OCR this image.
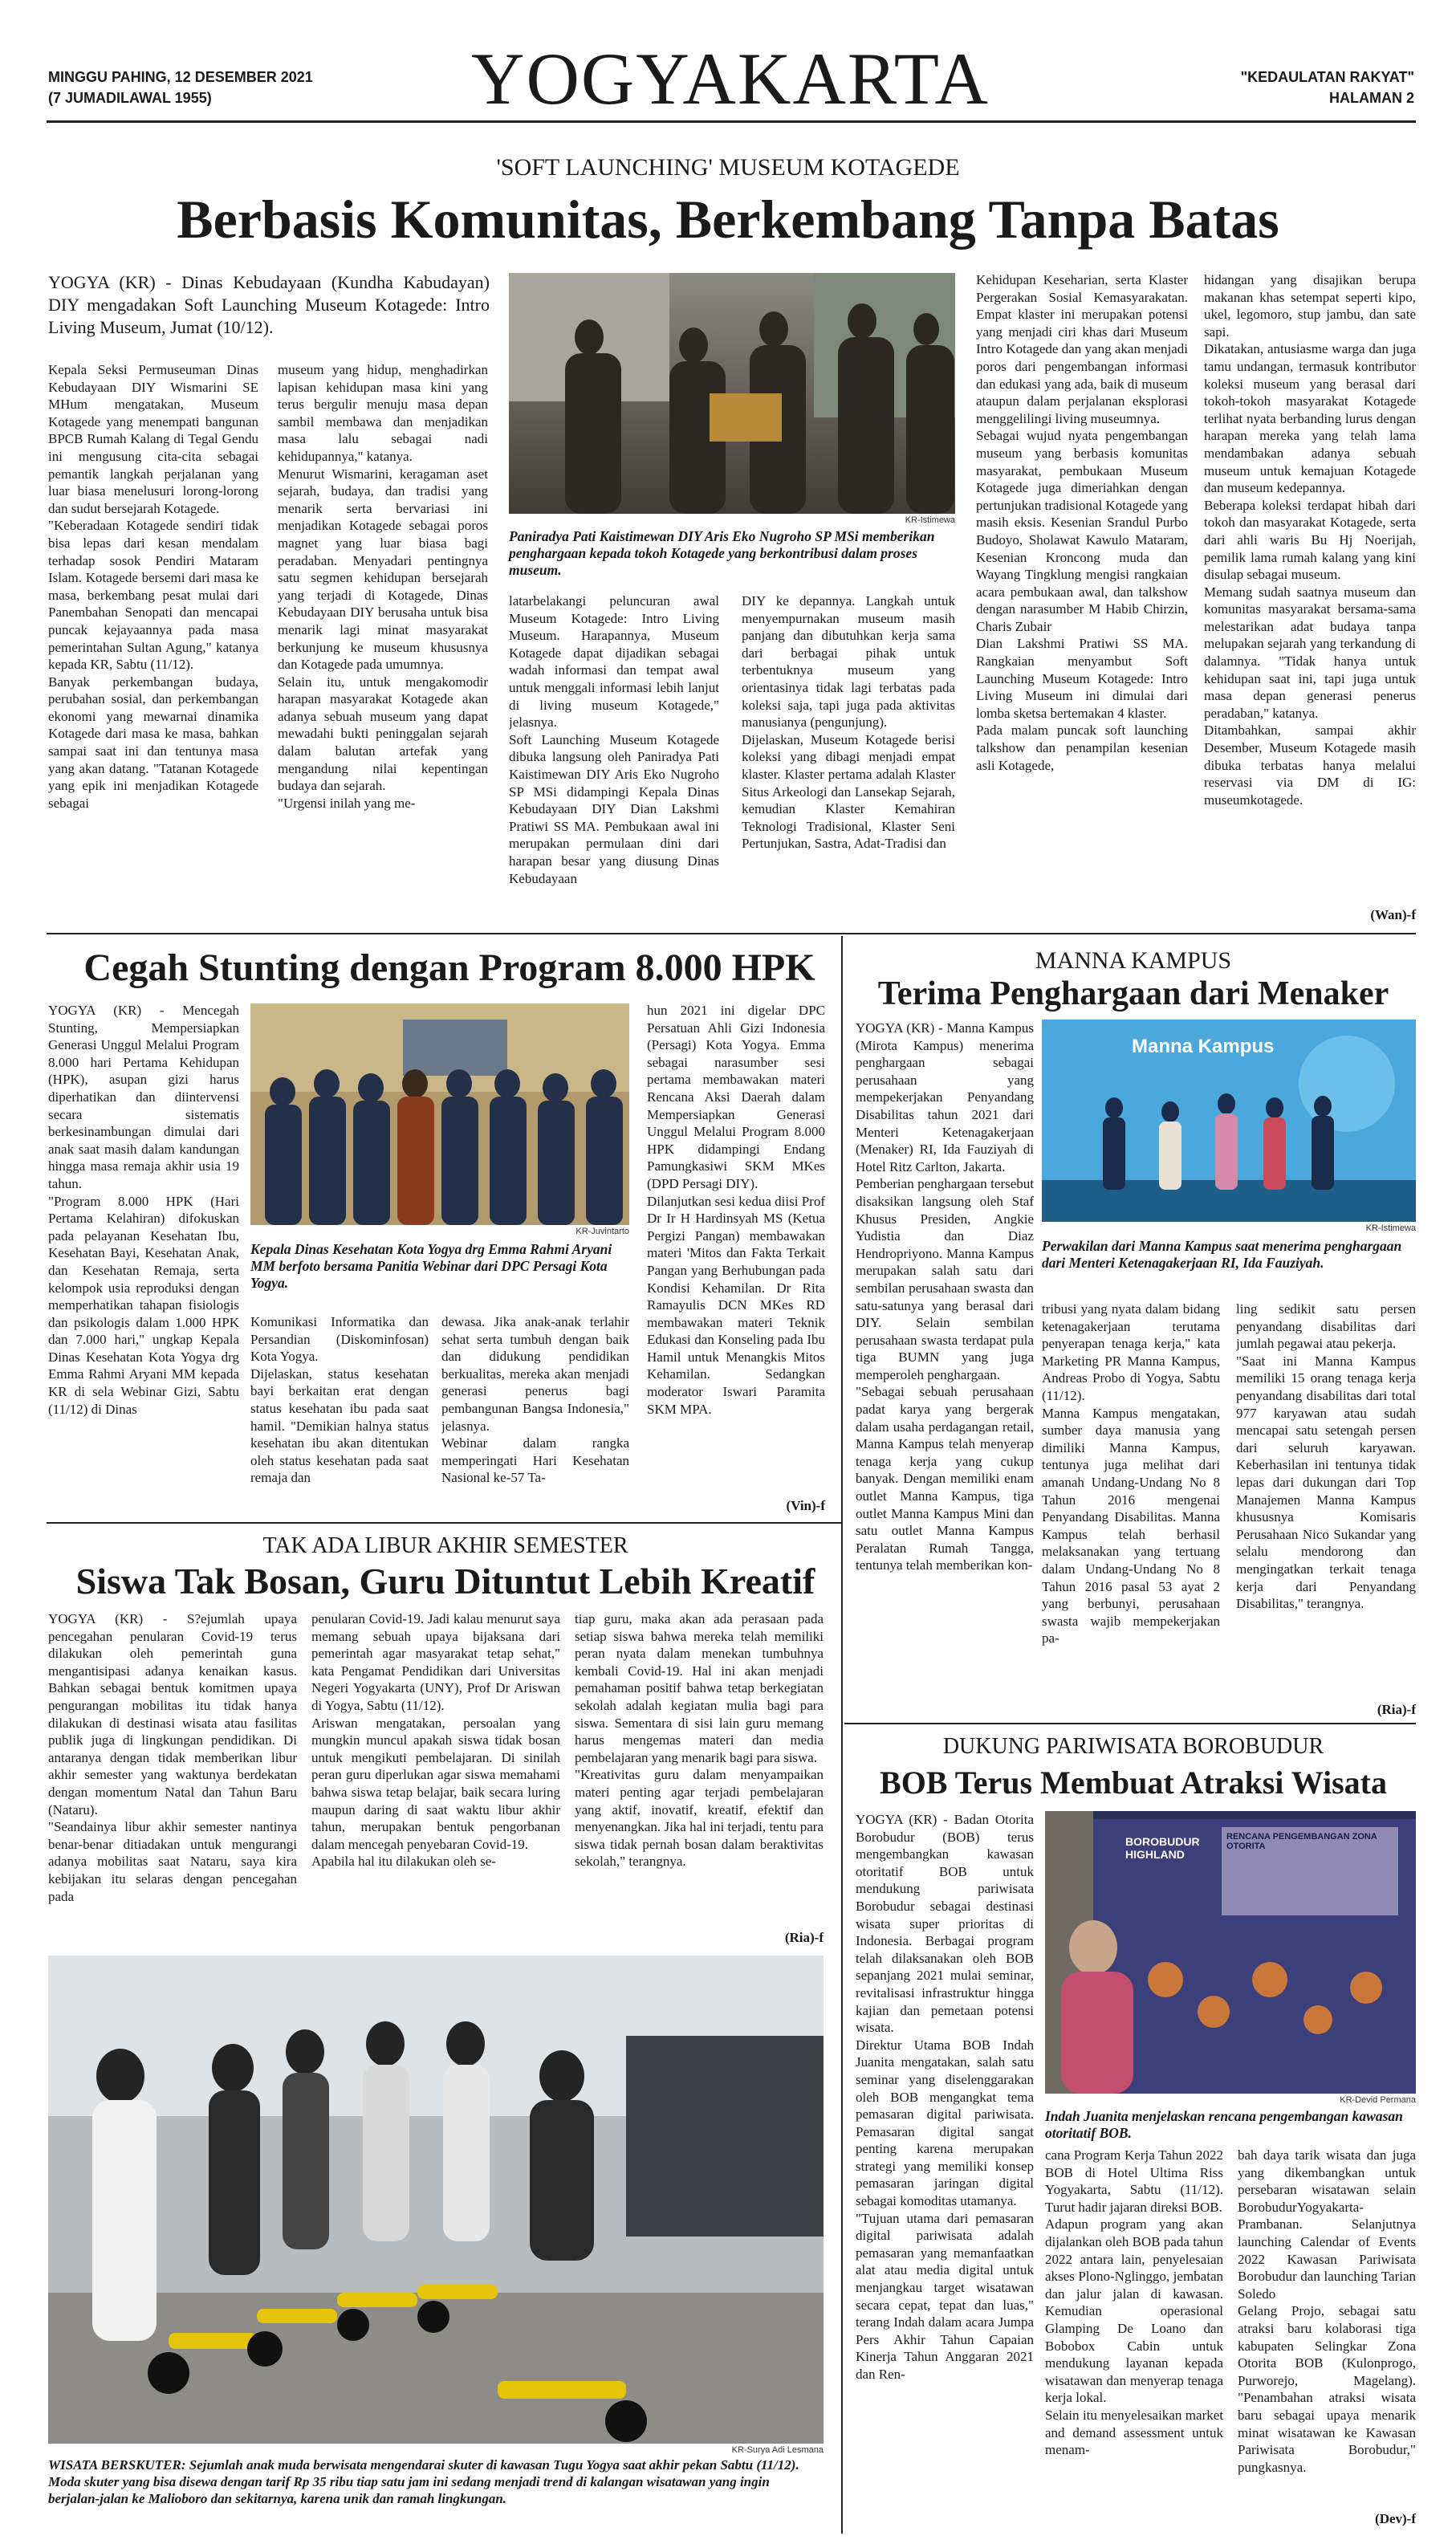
MINGGU PAHING, 12 DESEMBER 2021
(7 JUMADILAWAL 1955)	YOGYAKARTA	"KEDAULATAN RAKYAT"
HALAMAN 2
'SOFT LAUNCHING' MUSEUM KOTAGEDE
Berbasis Komunitas, Berkembang Tanpa Batas
YOGYA (KR) - Dinas Kebudayaan (Kundha Kabudayan) DIY mengadakan Soft Launching Museum Kotagede: Intro Living Museum, Jumat (10/12).
Kepala Seksi Permuseuman Dinas Kebudayaan DIY Wismarini SE MHum mengatakan, Museum Kotagede yang menempati bangunan BPCB Rumah Kalang di Tegal Gendu ini mengusung cita-cita sebagai pemantik langkah perjalanan yang luar biasa menelusuri lorong-lorong dan sudut bersejarah Kotagede.
"Keberadaan Kotagede sendiri tidak bisa lepas dari kesan mendalam terhadap sosok Pendiri Mataram Islam. Kotagede bersemi dari masa ke masa, berkembang pesat mulai dari Panembahan Senopati dan mencapai puncak kejayaannya pada masa pemerintahan Sultan Agung," katanya kepada KR, Sabtu (11/12).
Banyak perkembangan budaya, perubahan sosial, dan perkembangan ekonomi yang mewarnai dinamika Kotagede dari masa ke masa, bahkan sampai saat ini dan tentunya masa yang akan datang. "Tatanan Kotagede yang epik ini menjadikan Kotagede sebagai
museum yang hidup, menghadirkan lapisan kehidupan masa kini yang terus bergulir menuju masa depan sambil membawa dan menjadikan masa lalu sebagai nadi kehidupannya," katanya.
Menurut Wismarini, keragaman aset sejarah, budaya, dan tradisi yang menarik serta bervariasi ini menjadikan Kotagede sebagai poros magnet yang luar biasa bagi peradaban. Menyadari pentingnya satu segmen kehidupan bersejarah yang terjadi di Kotagede, Dinas Kebudayaan DIY berusaha untuk bisa menarik lagi minat masyarakat berkunjung ke museum khususnya dan Kotagede pada umumnya.
Selain itu, untuk mengakomodir harapan masyarakat Kotagede akan adanya sebuah museum yang dapat mewadahi bukti peninggalan sejarah dalam balutan artefak yang mengandung nilai kepentingan budaya dan sejarah.
"Urgensi inilah yang me-
KR-Istimewa
Paniradya Pati Kaistimewan DIY Aris Eko Nugroho SP MSi memberikan penghargaan kepada tokoh Kotagede yang berkontribusi dalam proses museum.
latarbelakangi peluncuran awal Museum Kotagede: Intro Living Museum. Harapannya, Museum Kotagede dapat dijadikan sebagai wadah informasi dan tempat awal untuk menggali informasi lebih lanjut di living museum Kotagede," jelasnya.
Soft Launching Museum Kotagede dibuka langsung oleh Paniradya Pati Kaistimewan DIY Aris Eko Nugroho SP MSi didampingi Kepala Dinas Kebudayaan DIY Dian Lakshmi Pratiwi SS MA. Pembukaan awal ini merupakan permulaan dini dari harapan besar yang diusung Dinas Kebudayaan
DIY ke depannya. Langkah untuk menyempurnakan museum masih panjang dan dibutuhkan kerja sama dari berbagai pihak untuk terbentuknya museum yang orientasinya tidak lagi terbatas pada koleksi saja, tapi juga pada aktivitas manusianya (pengunjung).
Dijelaskan, Museum Kotagede berisi koleksi yang dibagi menjadi empat klaster. Klaster pertama adalah Klaster Situs Arkeologi dan Lansekap Sejarah, kemudian Klaster Kemahiran Teknologi Tradisional, Klaster Seni Pertunjukan, Sastra, Adat-Tradisi dan
Kehidupan Keseharian, serta Klaster Pergerakan Sosial Kemasyarakatan. Empat klaster ini merupakan potensi yang menjadi ciri khas dari Museum Intro Kotagede dan yang akan menjadi poros dari pengembangan informasi dan edukasi yang ada, baik di museum ataupun dalam perjalanan eksplorasi menggelilingi living museumnya.
Sebagai wujud nyata pengembangan museum yang berbasis komunitas masyarakat, pembukaan Museum Kotagede juga dimeriahkan dengan pertunjukan tradisional Kotagede yang masih eksis. Kesenian Srandul Purbo Budoyo, Sholawat Kawulo Mataram, Kesenian Kroncong muda dan Wayang Tingklung mengisi rangkaian acara pembukaan awal, dan talkshow dengan narasumber M Habib Chirzin, Charis Zubair
Dian Lakshmi Pratiwi SS MA. Rangkaian menyambut Soft Launching Museum Kotagede: Intro Living Museum ini dimulai dari lomba sketsa bertemakan 4 klaster.
Pada malam puncak soft launching talkshow dan penampilan kesenian asli Kotagede,
hidangan yang disajikan berupa makanan khas setempat seperti kipo, ukel, legomoro, stup jambu, dan sate sapi.
Dikatakan, antusiasme warga dan juga tamu undangan, termasuk kontributor koleksi museum yang berasal dari tokoh-tokoh masyarakat Kotagede terlihat nyata berbanding lurus dengan harapan mereka yang telah lama mendambakan adanya sebuah museum untuk kemajuan Kotagede dan museum kedepannya.
Beberapa koleksi terdapat hibah dari tokoh dan masyarakat Kotagede, serta dari ahli waris Bu Hj Noerijah, pemilik lama rumah kalang yang kini disulap sebagai museum.
Memang sudah saatnya museum dan komunitas masyarakat bersama-sama melestarikan adat budaya tanpa melupakan sejarah yang terkandung di dalamnya. "Tidak hanya untuk kehidupan saat ini, tapi juga untuk masa depan generasi penerus peradaban," katanya.
Ditambahkan, sampai akhir Desember, Museum Kotagede masih dibuka terbatas hanya melalui reservasi via DM di IG: museumkotagede.
(Wan)-f
Cegah Stunting dengan Program 8.000 HPK
YOGYA (KR) - Mencegah Stunting, Mempersiapkan Generasi Unggul Melalui Program 8.000 hari Pertama Kehidupan (HPK), asupan gizi harus diperhatikan dan diintervensi secara sistematis berkesinambungan dimulai dari anak saat masih dalam kandungan hingga masa remaja akhir usia 19 tahun.
"Program 8.000 HPK (Hari Pertama Kelahiran) difokuskan pada pelayanan Kesehatan Ibu, Kesehatan Bayi, Kesehatan Anak, dan Kesehatan Remaja, serta kelompok usia reproduksi dengan memperhatikan tahapan fisiologis dan psikologis dalam 1.000 HPK dan 7.000 hari," ungkap Kepala Dinas Kesehatan Kota Yogya drg Emma Rahmi Aryani MM kepada KR di sela Webinar Gizi, Sabtu (11/12) di Dinas
KR-Juvintarto
Kepala Dinas Kesehatan Kota Yogya drg Emma Rahmi Aryani MM berfoto bersama Panitia Webinar dari DPC Persagi Kota Yogya.
Komunikasi Informatika dan Persandian (Diskominfosan) Kota Yogya.
Dijelaskan, status kesehatan bayi berkaitan erat dengan status kesehatan ibu pada saat hamil. "Demikian halnya status kesehatan ibu akan ditentukan oleh status kesehatan pada saat remaja dan
dewasa. Jika anak-anak terlahir sehat serta tumbuh dengan baik dan didukung pendidikan berkualitas, mereka akan menjadi generasi penerus bagi pembangunan Bangsa Indonesia," jelasnya.
Webinar dalam rangka memperingati Hari Kesehatan Nasional ke-57 Ta-
hun 2021 ini digelar DPC Persatuan Ahli Gizi Indonesia (Persagi) Kota Yogya. Emma sebagai narasumber sesi pertama membawakan materi Rencana Aksi Daerah dalam Mempersiapkan Generasi Unggul Melalui Program 8.000 HPK didampingi Endang Pamungkasiwi SKM MKes (DPD Persagi DIY).
Dilanjutkan sesi kedua diisi Prof Dr Ir H Hardinsyah MS (Ketua Pergizi Pangan) membawakan materi 'Mitos dan Fakta Terkait Pangan yang Berhubungan pada Kondisi Kehamilan. Dr Rita Ramayulis DCN MKes RD membawakan materi Teknik Edukasi dan Konseling pada Ibu Hamil untuk Menangkis Mitos Kehamilan. Sedangkan moderator Iswari Paramita SKM MPA.
(Vin)-f
MANNA KAMPUS
Terima Penghargaan dari Menaker
YOGYA (KR) - Manna Kampus (Mirota Kampus) menerima penghargaan sebagai perusahaan yang mempekerjakan Penyandang Disabilitas tahun 2021 dari Menteri Ketenagakerjaan (Menaker) RI, Ida Fauziyah di Hotel Ritz Carlton, Jakarta.
Pemberian penghargaan tersebut disaksikan langsung oleh Staf Khusus Presiden, Angkie Yudistia dan Diaz Hendropriyono. Manna Kampus merupakan salah satu dari sembilan perusahaan swasta dan satu-satunya yang berasal dari DIY. Selain sembilan perusahaan swasta terdapat pula tiga BUMN yang juga memperoleh penghargaan.
"Sebagai sebuah perusahaan padat karya yang bergerak dalam usaha perdagangan retail, Manna Kampus telah menyerap tenaga kerja yang cukup banyak. Dengan memiliki enam outlet Manna Kampus, tiga outlet Manna Kampus Mini dan satu outlet Manna Kampus Peralatan Rumah Tangga, tentunya telah memberikan kon-
Manna Kampus
KR-Istimewa
Perwakilan dari Manna Kampus saat menerima penghargaan dari Menteri Ketenagakerjaan RI, Ida Fauziyah.
tribusi yang nyata dalam bidang ketenagakerjaan terutama penyerapan tenaga kerja," kata Marketing PR Manna Kampus, Andreas Probo di Yogya, Sabtu (11/12).
Manna Kampus mengatakan, sumber daya manusia yang dimiliki Manna Kampus, tentunya juga melihat dari amanah Undang-Undang No 8 Tahun 2016 mengenai Penyandang Disabilitas. Manna Kampus telah berhasil melaksanakan yang tertuang dalam Undang-Undang No 8 Tahun 2016 pasal 53 ayat 2 yang berbunyi, perusahaan swasta wajib mempekerjakan pa-
ling sedikit satu persen penyandang disabilitas dari jumlah pegawai atau pekerja.
"Saat ini Manna Kampus memiliki 15 orang tenaga kerja penyandang disabilitas dari total 977 karyawan atau sudah mencapai satu setengah persen dari seluruh karyawan. Keberhasilan ini tentunya tidak lepas dari dukungan dari Top Manajemen Manna Kampus khususnya Komisaris Perusahaan Nico Sukandar yang selalu mendorong dan mengingatkan terkait tenaga kerja dari Penyandang Disabilitas," terangnya.
(Ria)-f
TAK ADA LIBUR AKHIR SEMESTER
Siswa Tak Bosan, Guru Dituntut Lebih Kreatif
YOGYA (KR) - S?ejumlah upaya pencegahan penularan Covid-19 terus dilakukan oleh pemerintah guna mengantisipasi adanya kenaikan kasus. Bahkan sebagai bentuk komitmen upaya pengurangan mobilitas itu tidak hanya dilakukan di destinasi wisata atau fasilitas publik juga di lingkungan pendidikan. Di antaranya dengan tidak memberikan libur akhir semester yang waktunya berdekatan dengan momentum Natal dan Tahun Baru (Nataru).
"Seandainya libur akhir semester nantinya benar-benar ditiadakan untuk mengurangi adanya mobilitas saat Nataru, saya kira kebijakan itu selaras dengan pencegahan pada
penularan Covid-19. Jadi kalau menurut saya memang sebuah upaya bijaksana dari pemerintah agar masyarakat tetap sehat," kata Pengamat Pendidikan dari Universitas Negeri Yogyakarta (UNY), Prof Dr Ariswan di Yogya, Sabtu (11/12).
Ariswan mengatakan, persoalan yang mungkin muncul apakah siswa tidak bosan untuk mengikuti pembelajaran. Di sinilah peran guru diperlukan agar siswa memahami bahwa siswa tetap belajar, baik secara luring maupun daring di saat waktu libur akhir tahun, merupakan bentuk pengorbanan dalam mencegah penyebaran Covid-19.
Apabila hal itu dilakukan oleh se-
tiap guru, maka akan ada perasaan pada setiap siswa bahwa mereka telah memiliki peran nyata dalam menekan tumbuhnya kembali Covid-19. Hal ini akan menjadi pemahaman positif bahwa tetap berkegiatan sekolah adalah kegiatan mulia bagi para siswa. Sementara di sisi lain guru memang harus mengemas materi dan media pembelajaran yang menarik bagi para siswa.
"Kreativitas guru dalam menyampaikan materi penting agar terjadi pembelajaran yang aktif, inovatif, kreatif, efektif dan menyenangkan. Jika hal ini terjadi, tentu para siswa tidak pernah bosan dalam beraktivitas sekolah," terangnya.
(Ria)-f
KR-Surya Adi Lesmana
WISATA BERSKUTER: Sejumlah anak muda berwisata mengendarai skuter di kawasan Tugu Yogya saat akhir pekan Sabtu (11/12). Moda skuter yang bisa disewa dengan tarif Rp 35 ribu tiap satu jam ini sedang menjadi trend di kalangan wisatawan yang ingin berjalan-jalan ke Malioboro dan sekitarnya, karena unik dan ramah lingkungan.
DUKUNG PARIWISATA BOROBUDUR
BOB Terus Membuat Atraksi Wisata
YOGYA (KR) - Badan Otorita Borobudur (BOB) terus mengembangkan kawasan otoritatif BOB untuk mendukung pariwisata Borobudur sebagai destinasi wisata super prioritas di Indonesia. Berbagai program telah dilaksanakan oleh BOB sepanjang 2021 mulai seminar, revitalisasi infrastruktur hingga kajian dan pemetaan potensi wisata.
Direktur Utama BOB Indah Juanita mengatakan, salah satu seminar yang diselenggarakan oleh BOB mengangkat tema pemasaran digital pariwisata. Pemasaran digital sangat penting karena merupakan strategi yang memiliki konsep pemasaran jaringan digital sebagai komoditas utamanya.
"Tujuan utama dari pemasaran digital pariwisata adalah pemasaran yang memanfaatkan alat atau media digital untuk menjangkau target wisatawan secara cepat, tepat dan luas," terang Indah dalam acara Jumpa Pers Akhir Tahun Capaian Kinerja Tahun Anggaran 2021 dan Ren-
BOROBUDUR HIGHLAND
RENCANA PENGEMBANGAN ZONA OTORITA
KR-Devid Permana
Indah Juanita menjelaskan rencana pengembangan kawasan otoritatif BOB.
cana Program Kerja Tahun 2022 BOB di Hotel Ultima Riss Yogyakarta, Sabtu (11/12). Turut hadir jajaran direksi BOB.
Adapun program yang akan dijalankan oleh BOB pada tahun 2022 antara lain, penyelesaian akses Plono-Nglinggo, jembatan dan jalur jalan di kawasan. Kemudian operasional Glamping De Loano dan Bobobox Cabin untuk mendukung layanan kepada wisatawan dan menyerap tenaga kerja lokal.
Selain itu menyelesaikan market and demand assessment untuk menam-
bah daya tarik wisata dan juga yang dikembangkan untuk persebaran wisatawan selain BorobudurYogyakarta-Prambanan. Selanjutnya launching Calendar of Events 2022 Kawasan Pariwisata Borobudur dan launching Tarian Soledo
Gelang Projo, sebagai satu atraksi baru kolaborasi tiga kabupaten Selingkar Zona Otorita BOB (Kulonprogo, Purworejo, Magelang). "Penambahan atraksi wisata baru sebagai upaya menarik minat wisatawan ke Kawasan Pariwisata Borobudur," pungkasnya.
(Dev)-f
